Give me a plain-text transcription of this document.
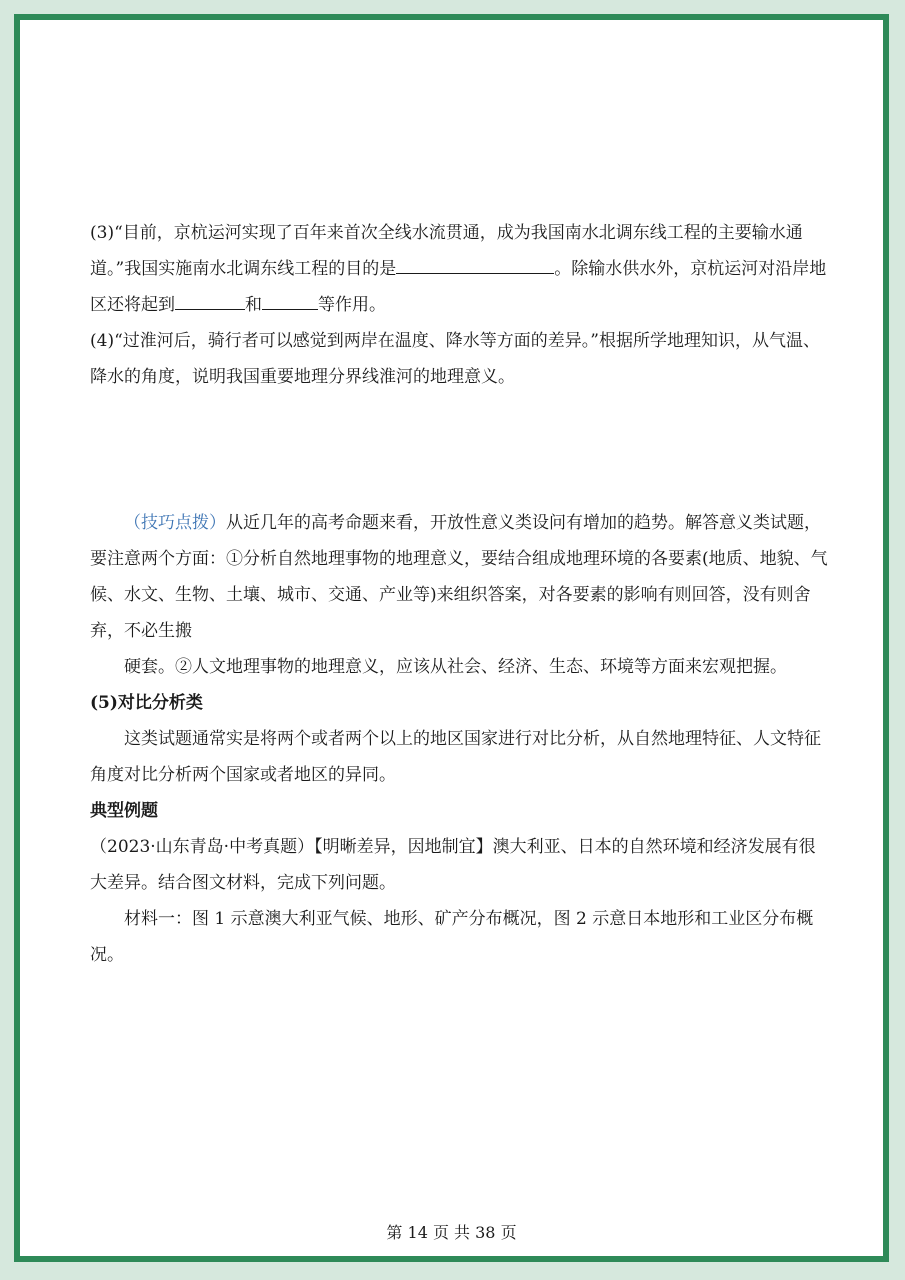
(3)“目前，京杭运河实现了百年来首次全线水流贯通，成为我国南水北调东线工程的主要输水通道。”我国实施南水北调东线工程的目的是	。除输水供水外，京杭运河对沿岸地区还将起到	和	等作用。

(4)“过淮河后，骑行者可以感觉到两岸在温度、降水等方面的差异。”根据所学地理知识，从气温、降水的角度，说明我国重要地理分界线淮河的地理意义。

（技巧点拨）从近几年的高考命题来看，开放性意义类设问有增加的趋势。解答意义类试题，要注意两个方面：①分析自然地理事物的地理意义，要结合组成地理环境的各要素(地质、地貌、气候、水文、生物、土壤、城市、交通、产业等)来组织答案，对各要素的影响有则回答，没有则舍弃，不必生搬

硬套。②人文地理事物的地理意义，应该从社会、经济、生态、环境等方面来宏观把握。

(5)对比分析类

这类试题通常实是将两个或者两个以上的地区国家进行对比分析，从自然地理特征、人文特征角度对比分析两个国家或者地区的异同。

典型例题

（2023·山东青岛·中考真题）【明晰差异，因地制宜】澳大利亚、日本的自然环境和经济发展有很大差异。结合图文材料，完成下列问题。

材料一：图 1 示意澳大利亚气候、地形、矿产分布概况，图 2 示意日本地形和工业区分布概况。

第 14 页 共 38 页
